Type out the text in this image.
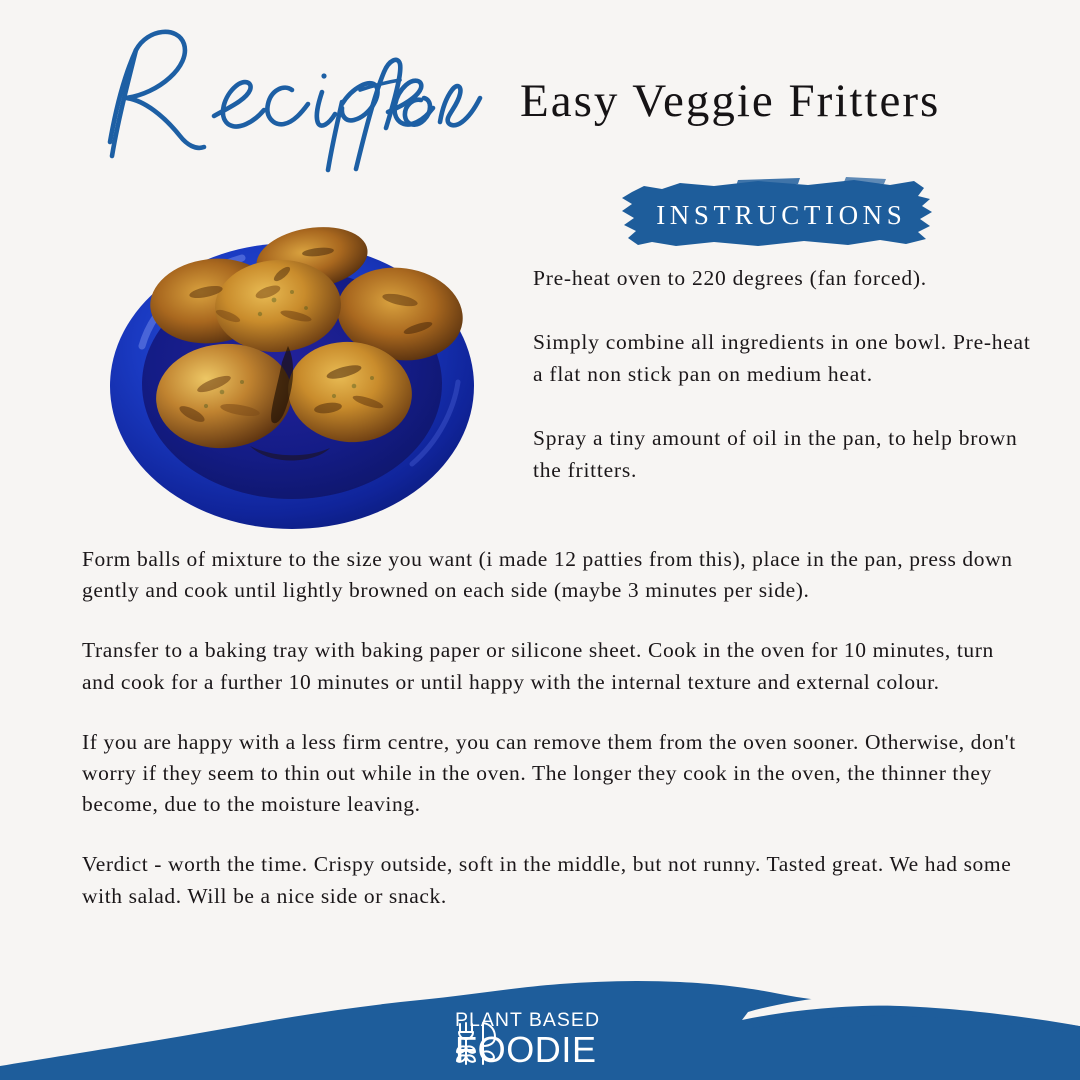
Easy Veggie Fritters
INSTRUCTIONS

Pre-heat oven to 220 degrees (fan forced).

Simply combine all ingredients in one bowl. Pre-heat a flat non stick pan on medium heat.

Spray a tiny amount of oil in the pan, to help brown the fritters.

Form balls of mixture to the size you want (i made 12 patties from this), place in the pan, press down gently and cook until lightly browned on each side (maybe 3 minutes per side).

Transfer to a baking tray with baking paper or silicone sheet. Cook in the oven for 10 minutes, turn and cook for a further 10 minutes or until happy with the internal texture and external colour.

If you are happy with a less firm centre, you can remove them from the oven sooner. Otherwise, don't worry if they seem to thin out while in the oven. The longer they cook in the oven, the thinner they become, due to the moisture leaving.

Verdict - worth the time. Crispy outside, soft in the middle, but not runny. Tasted great. We had some with salad. Will be a nice side or snack.

PLANT BASED
FOODIE
